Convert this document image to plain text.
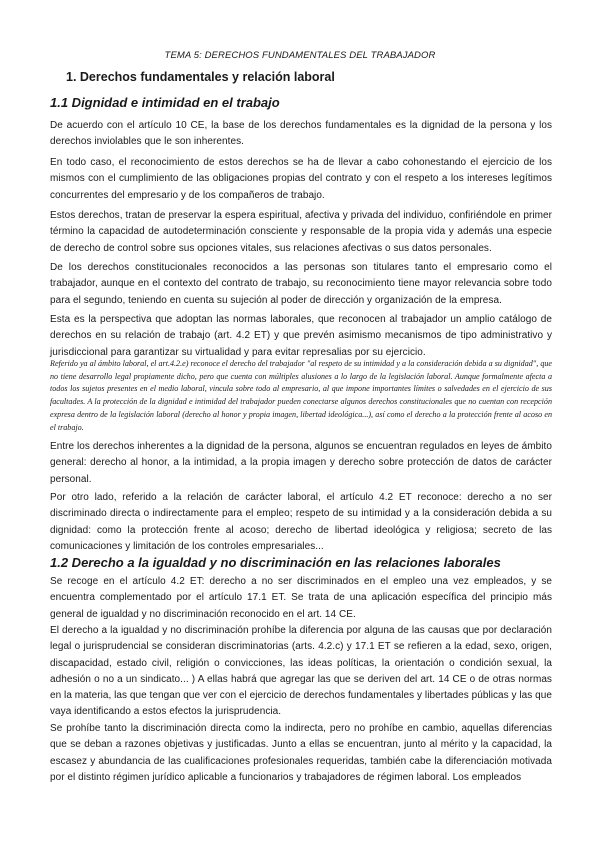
TEMA 5: DERECHOS FUNDAMENTALES DEL TRABAJADOR
1. Derechos fundamentales y relación laboral
1.1 Dignidad e intimidad en el trabajo
De acuerdo con el artículo 10 CE, la base de los derechos fundamentales es la dignidad de la persona y los derechos inviolables que le son inherentes.
En todo caso, el reconocimiento de estos derechos se ha de llevar a cabo cohonestando el ejercicio de los mismos con el cumplimiento de las obligaciones propias del contrato y con el respeto a los intereses legítimos concurrentes del empresario y de los compañeros de trabajo.
Estos derechos, tratan de preservar la espera espiritual, afectiva y privada del individuo, confiriéndole en primer término la capacidad de autodeterminación consciente y responsable de la propia vida y además una especie de derecho de control sobre sus opciones vitales, sus relaciones afectivas o sus datos personales.
De los derechos constitucionales reconocidos a las personas son titulares tanto el empresario como el trabajador, aunque en el contexto del contrato de trabajo, su reconocimiento tiene mayor relevancia sobre todo para el segundo, teniendo en cuenta su sujeción al poder de dirección y organización de la empresa.
Esta es la perspectiva que adoptan las normas laborales, que reconocen al trabajador un amplio catálogo de derechos en su relación de trabajo (art. 4.2 ET) y que prevén asimismo mecanismos de tipo administrativo y jurisdiccional para garantizar su virtualidad y para evitar represalias por su ejercicio.
Referido ya al ámbito laboral, el art.4.2.e) reconoce el derecho del trabajador "al respeto de su intimidad y a la consideración debida a su dignidad", que no tiene desarrollo legal propiamente dicho, pero que cuenta con múltiples alusiones a lo largo de la legislación laboral. Aunque formalmente afecta a todos los sujetos presentes en el medio laboral, vincula sobre todo al empresario, al que impone importantes límites o salvedades en el ejercicio de sus facultades. A la protección de la dignidad e intimidad del trabajador pueden conectarse algunos derechos constitucionales que no cuentan con recepción expresa dentro de la legislación laboral (derecho al honor y propia imagen, libertad ideológica...), así como el derecho a la protección frente al acoso en el trabajo.
Entre los derechos inherentes a la dignidad de la persona, algunos se encuentran regulados en leyes de ámbito general: derecho al honor, a la intimidad, a la propia imagen y derecho sobre protección de datos de carácter personal.
Por otro lado, referido a la relación de carácter laboral, el artículo 4.2 ET reconoce: derecho a no ser discriminado directa o indirectamente para el empleo; respeto de su intimidad y a la consideración debida a su dignidad: como la protección frente al acoso; derecho de libertad ideológica y religiosa; secreto de las comunicaciones y limitación de los controles empresariales...
1.2 Derecho a la igualdad y no discriminación en las relaciones laborales
Se recoge en el artículo 4.2 ET: derecho a no ser discriminados en el empleo una vez empleados, y se encuentra complementado por el artículo 17.1 ET. Se trata de una aplicación específica del principio más general de igualdad y no discriminación reconocido en el art. 14 CE.
El derecho a la igualdad y no discriminación prohíbe la diferencia por alguna de las causas que por declaración legal o jurisprudencial se consideran discriminatorias (arts. 4.2.c) y 17.1 ET se refieren a la edad, sexo, origen, discapacidad, estado civil, religión o convicciones, las ideas políticas, la orientación o condición sexual, la adhesión o no a un sindicato... ) A ellas habrá que agregar las que se deriven del art. 14 CE o de otras normas en la materia, las que tengan que ver con el ejercicio de derechos fundamentales y libertades públicas y las que vaya identificando a estos efectos la jurisprudencia.
Se prohíbe tanto la discriminación directa como la indirecta, pero no prohíbe en cambio, aquellas diferencias que se deban a razones objetivas y justificadas. Junto a ellas se encuentran, junto al mérito y la capacidad, la escasez y abundancia de las cualificaciones profesionales requeridas, también cabe la diferenciación motivada por el distinto régimen jurídico aplicable a funcionarios y trabajadores de régimen laboral. Los empleados
